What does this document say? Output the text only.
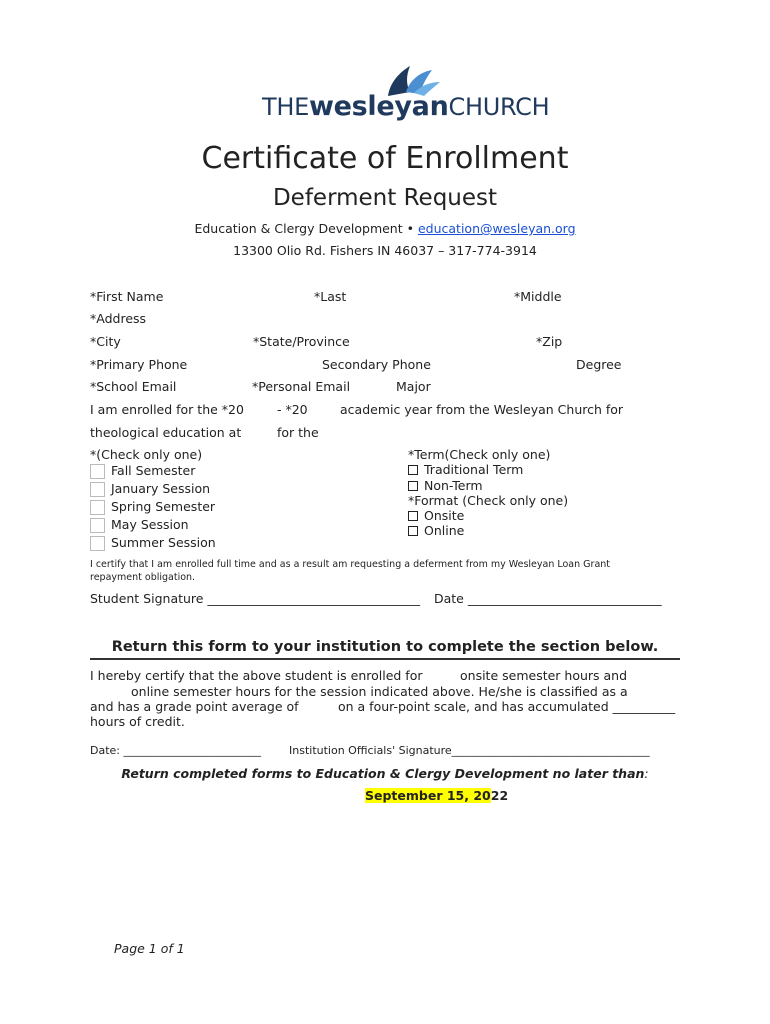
THEwesleyanCHURCH
Certificate of Enrollment
Deferment Request
Education & Clergy Development • education@wesleyan.org
13300 Olio Rd. Fishers IN 46037 – 317-774-3914
*First Name	*Last	*Middle
*Address
*City	*State/Province	*Zip
*Primary Phone	Secondary Phone	Degree
*School Email	*Personal Email	Major
I am enrolled for the *20	- *20	academic year from the Wesleyan Church for
theological education at	for the
*(Check only one)
Fall Semester
January Session
Spring Semester
May Session
Summer Session
*Term(Check only one)
Traditional Term
Non-Term
*Format (Check only one)
Onsite
Online
I certify that I am enrolled full time and as a result am requesting a deferment from my Wesleyan Loan Grant
repayment obligation.
Student Signature __________________________________ Date _______________________________
Return this form to your institution to complete the section below.
I hereby certify that the above student is enrolled for	onsite semester hours and
online semester hours for the session indicated above. He/she is classified as a
and has a grade point average of	on a four-point scale, and has accumulated __________
hours of credit.
Date: _________________________	Institution Officials' Signature____________________________________
Return completed forms to Education & Clergy Development no later than:
September 15, 2022
Page 1 of 1
